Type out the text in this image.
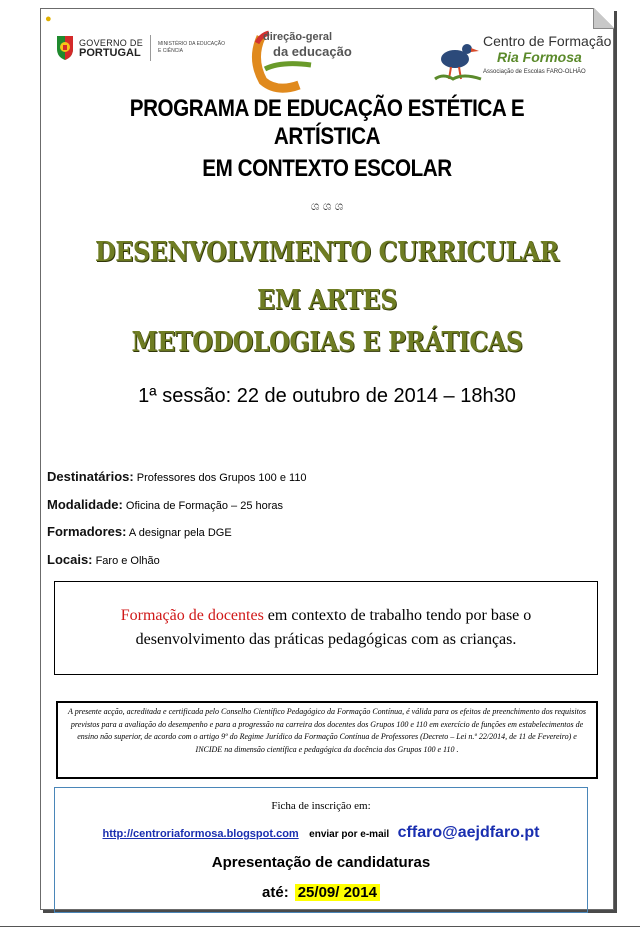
●
GOVERNO DE
PORTUGAL
MINISTÉRIO DA EDUCAÇÃO
E CIÊNCIA
direção-geral
da educação
Centro de Formação
Ria Formosa
Associação de Escolas FARO-OLHÃO
PROGRAMA DE EDUCAÇÃO ESTÉTICA E ARTÍSTICA
EM CONTEXTO ESCOLAR
ශ ශ ශ
DESENVOLVIMENTO CURRICULAR
EM ARTES
METODOLOGIAS E PRÁTICAS
1ª sessão: 22 de outubro de 2014 – 18h30
Destinatários: Professores dos Grupos 100 e 110
Modalidade: Oficina de Formação – 25 horas
Formadores: A designar pela DGE
Locais: Faro e Olhão
Formação de docentes em contexto de trabalho tendo por base o desenvolvimento das práticas pedagógicas com as crianças.
A presente acção, acreditada e certificada pelo Conselho Científico Pedagógico da Formação Contínua, é válida para os efeitos de preenchimento dos requisitos previstos para a avaliação do desempenho e para a progressão na carreira dos docentes dos Grupos 100 e 110 em exercício de funções em estabelecimentos de ensino não superior, de acordo com o artigo 9º do Regime Jurídico da Formação Contínua de Professores (Decreto – Lei n.º 22/2014, de 11 de Fevereiro) e INCIDE na dimensão científica e pedagógica da docência dos Grupos 100 e 110 .
Ficha de inscrição em:
http://centroriaformosa.blogspot.com enviar por e-mail cffaro@aejdfaro.pt
Apresentação de candidaturas
até: 25/09/ 2014
